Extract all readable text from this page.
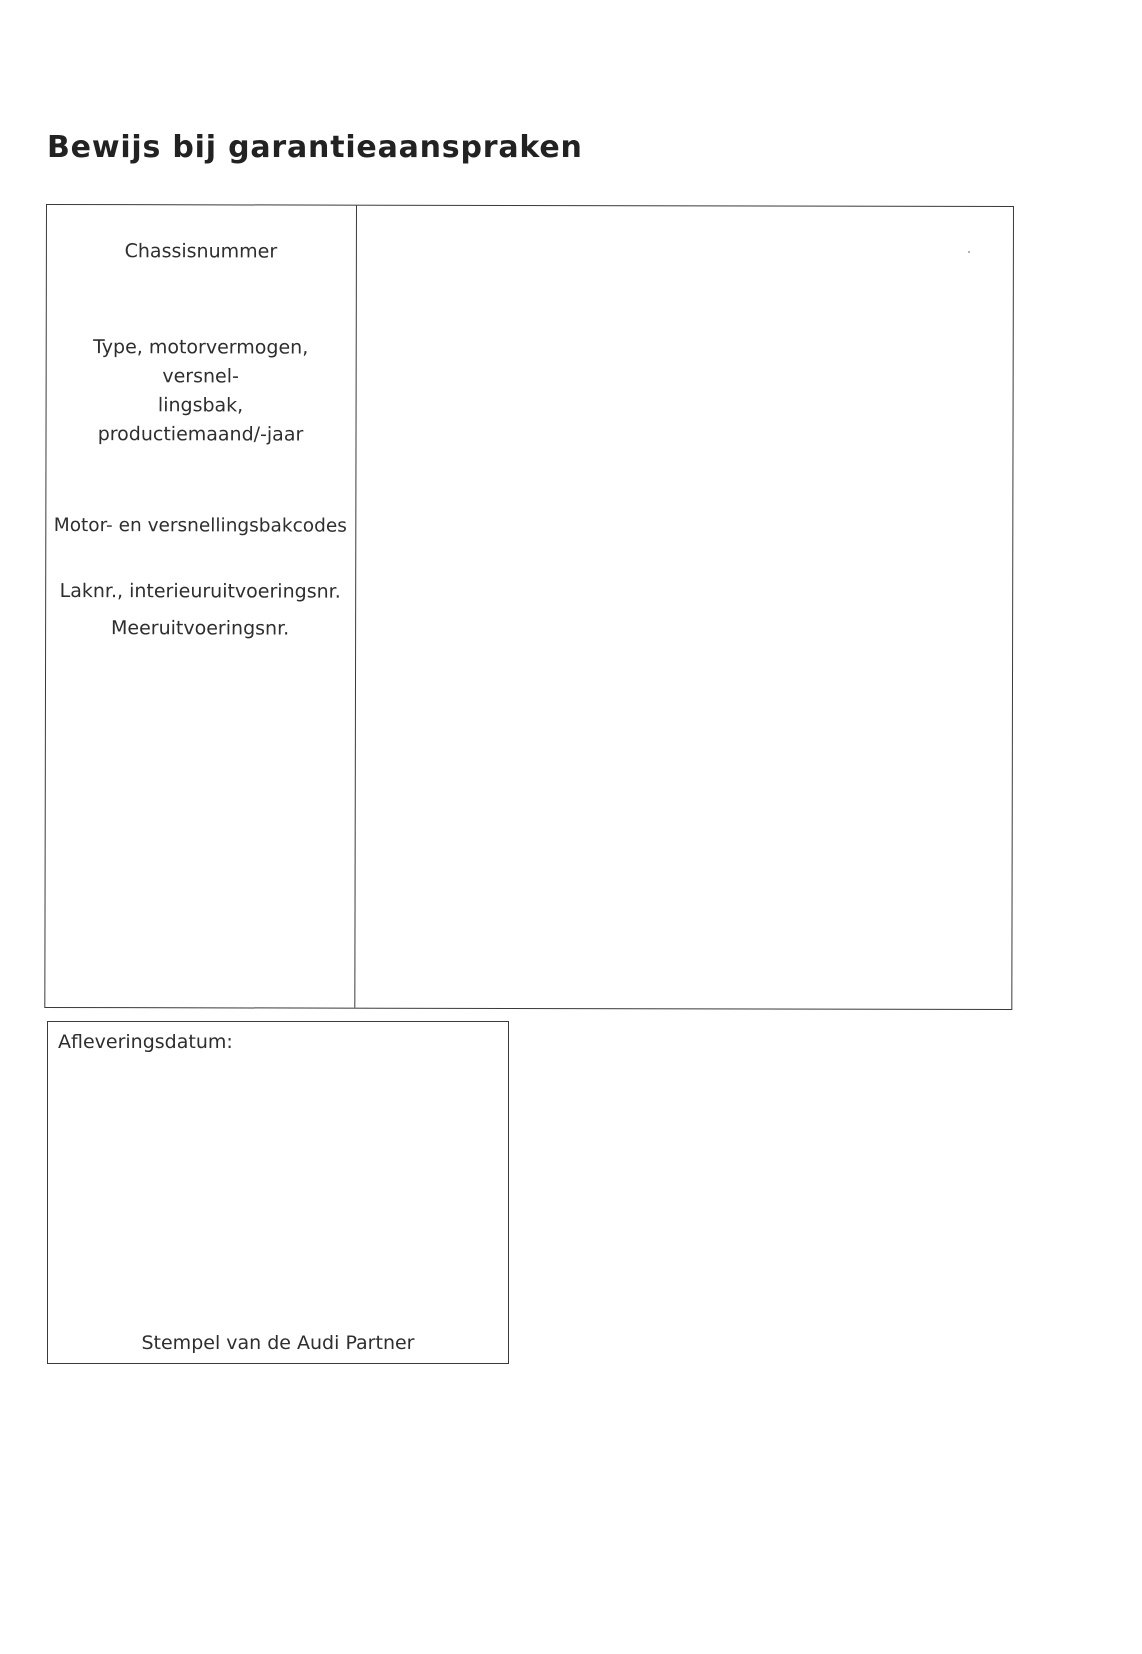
Bewijs bij garantieaanspraken
Chassisnummer
Type, motorvermogen, versnel-
lingsbak,
productiemaand/-jaar
Motor- en versnellingsbakcodes
Laknr., interieuruitvoeringsnr.
Meeruitvoeringsnr.
Afleveringsdatum:
Stempel van de Audi Partner
